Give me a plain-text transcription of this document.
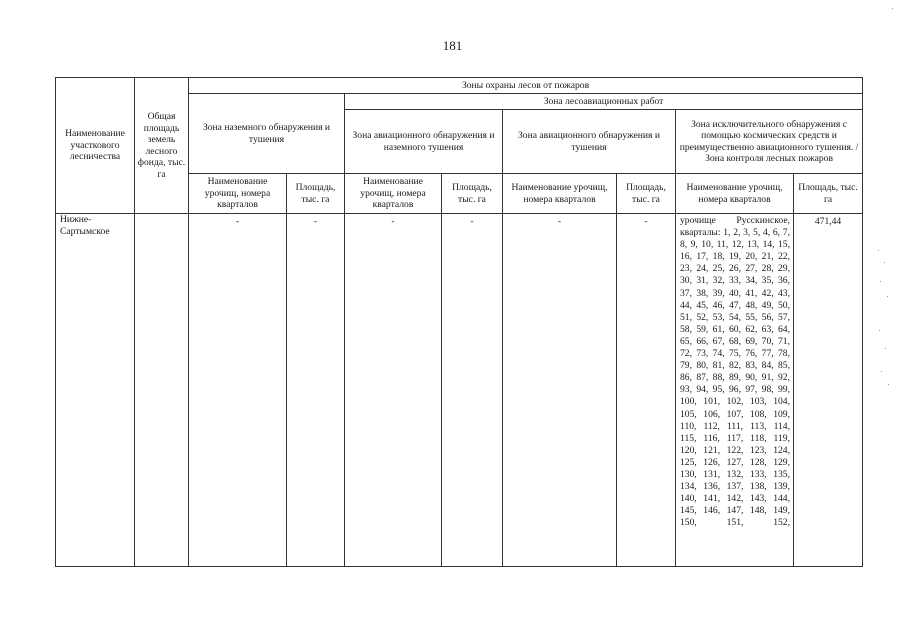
181
Наименование участкового лесничества	Общая площадь земель лесного фонда, тыс. га	Зоны охраны лесов от пожаров							
		Зона наземного обнаружения и тушения		Зона лесоавиационных работ					
				Зона авиационного обнаружения и наземного тушения		Зона авиационного обнаружения и тушения		Зона исключительного обнаружения с помощью космических средств и преимущественно авиационного тушения. / Зона контроля лесных пожаров	
		Наименование урочищ, номера кварталов	Площадь, тыс. га	Наименование урочищ, номера кварталов	Площадь, тыс. га	Наименование урочищ, номера кварталов	Площадь, тыс. га	Наименование урочищ, номера кварталов	Площадь, тыс. га
Нижне-Сартымское		-	-	-	-	-	-	урочище Русскинское, кварталы: 1, 2, 3, 5, 4, 6, 7, 8, 9, 10, 11, 12, 13, 14, 15, 16, 17, 18, 19, 20, 21, 22, 23, 24, 25, 26, 27, 28, 29, 30, 31, 32, 33, 34, 35, 36, 37, 38, 39, 40, 41, 42, 43, 44, 45, 46, 47, 48, 49, 50, 51, 52, 53, 54, 55, 56, 57, 58, 59, 61, 60, 62, 63, 64, 65, 66, 67, 68, 69, 70, 71, 72, 73, 74, 75, 76, 77, 78, 79, 80, 81, 82, 83, 84, 85, 86, 87, 88, 89, 90, 91, 92, 93, 94, 95, 96, 97, 98, 99, 100, 101, 102, 103, 104, 105, 106, 107, 108, 109, 110, 112, 111, 113, 114, 115, 116, 117, 118, 119, 120, 121, 122, 123, 124, 125, 126, 127, 128, 129, 130, 131, 132, 133, 135, 134, 136, 137, 138, 139, 140, 141, 142, 143, 144, 145, 146, 147, 148, 149, 150, 151, 152,	471,44
